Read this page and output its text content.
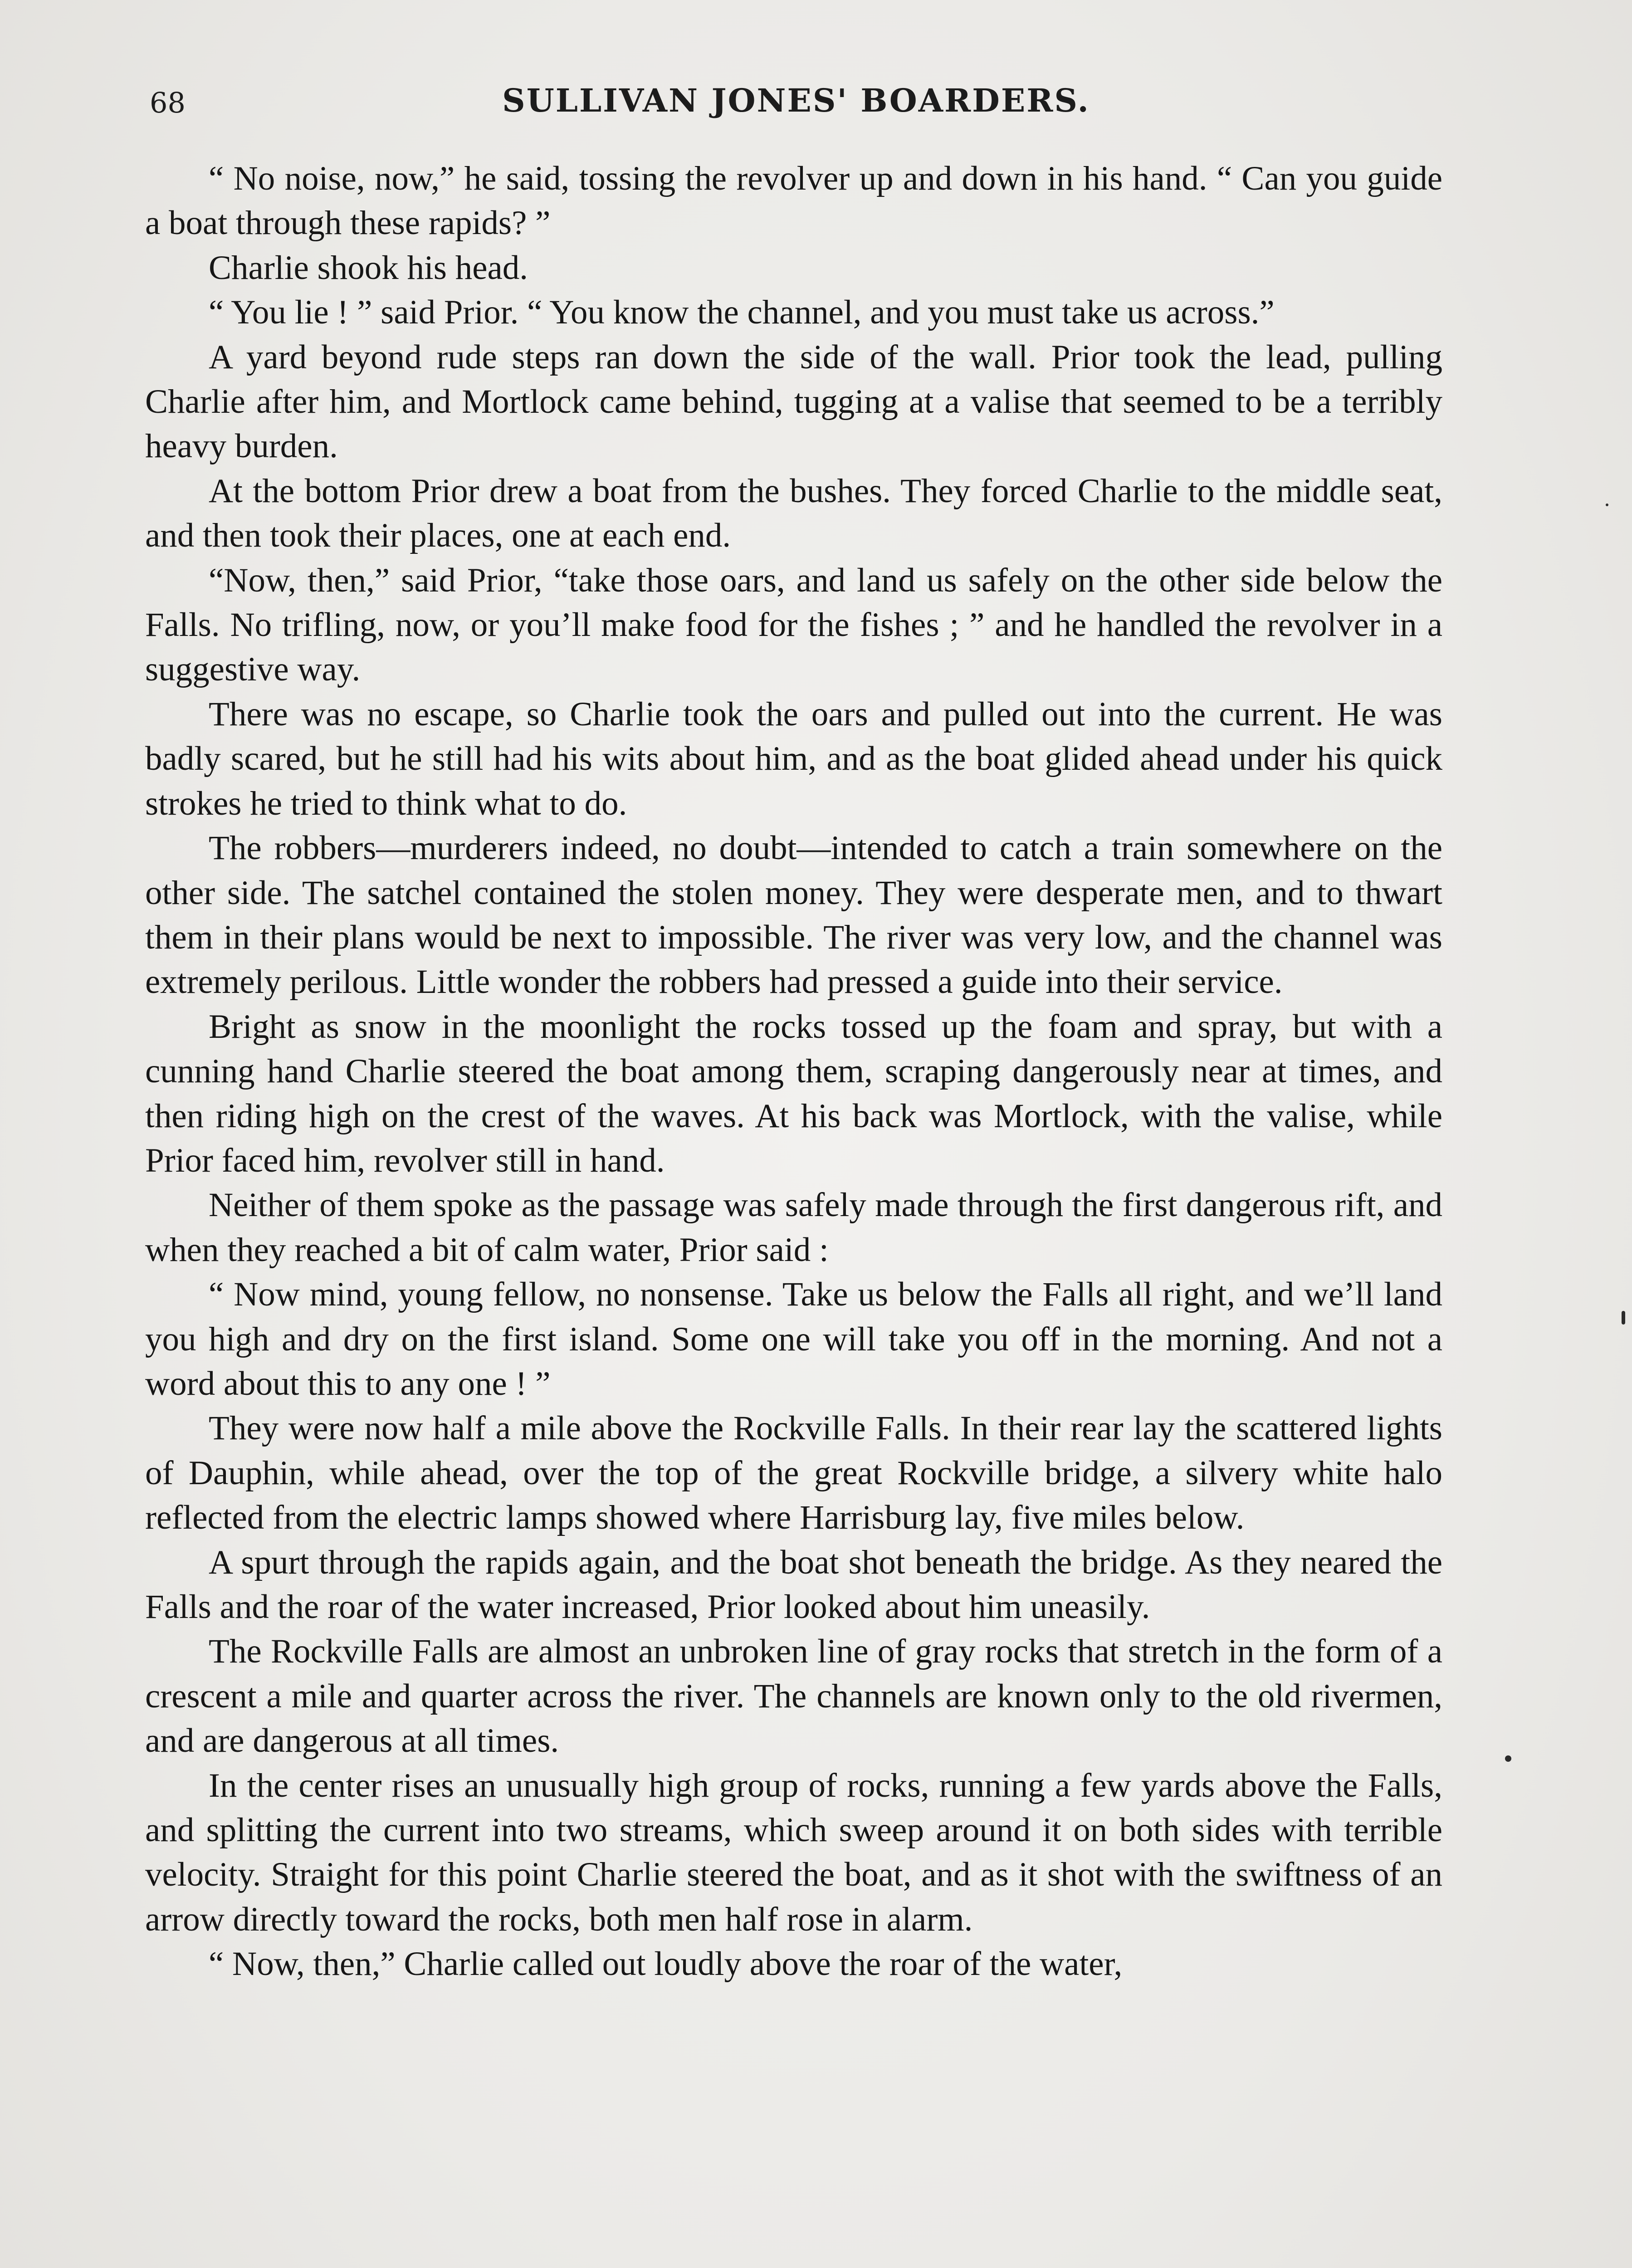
68	SULLIVAN JONES' BOARDERS.

“ No noise, now,” he said, tossing the revolver up and down in his hand. “ Can you guide a boat through these rapids? ”

Charlie shook his head.

“ You lie ! ” said Prior. “ You know the channel, and you must take us across.”

A yard beyond rude steps ran down the side of the wall. Prior took the lead, pulling Charlie after him, and Mortlock came behind, tugging at a valise that seemed to be a terribly heavy burden.

At the bottom Prior drew a boat from the bushes. They forced Charlie to the middle seat, and then took their places, one at each end.

“Now, then,” said Prior, “take those oars, and land us safely on the other side below the Falls. No trifling, now, or you’ll make food for the fishes ; ” and he handled the revolver in a suggestive way.

There was no escape, so Charlie took the oars and pulled out into the current. He was badly scared, but he still had his wits about him, and as the boat glided ahead under his quick strokes he tried to think what to do.

The robbers—murderers indeed, no doubt—intended to catch a train somewhere on the other side. The satchel contained the stolen money. They were desperate men, and to thwart them in their plans would be next to impossible. The river was very low, and the channel was extremely perilous. Little wonder the robbers had pressed a guide into their service.

Bright as snow in the moonlight the rocks tossed up the foam and spray, but with a cunning hand Charlie steered the boat among them, scraping dangerously near at times, and then riding high on the crest of the waves. At his back was Mortlock, with the valise, while Prior faced him, revolver still in hand.

Neither of them spoke as the passage was safely made through the first dangerous rift, and when they reached a bit of calm water, Prior said :

“ Now mind, young fellow, no nonsense. Take us below the Falls all right, and we’ll land you high and dry on the first island. Some one will take you off in the morning. And not a word about this to any one ! ”

They were now half a mile above the Rockville Falls. In their rear lay the scattered lights of Dauphin, while ahead, over the top of the great Rockville bridge, a silvery white halo reflected from the electric lamps showed where Harrisburg lay, five miles below.

A spurt through the rapids again, and the boat shot beneath the bridge. As they neared the Falls and the roar of the water increased, Prior looked about him uneasily.

The Rockville Falls are almost an unbroken line of gray rocks that stretch in the form of a crescent a mile and quarter across the river. The channels are known only to the old rivermen, and are dangerous at all times.

In the center rises an unusually high group of rocks, running a few yards above the Falls, and splitting the current into two streams, which sweep around it on both sides with terrible velocity. Straight for this point Charlie steered the boat, and as it shot with the swiftness of an arrow directly toward the rocks, both men half rose in alarm.

“ Now, then,” Charlie called out loudly above the roar of the water,
